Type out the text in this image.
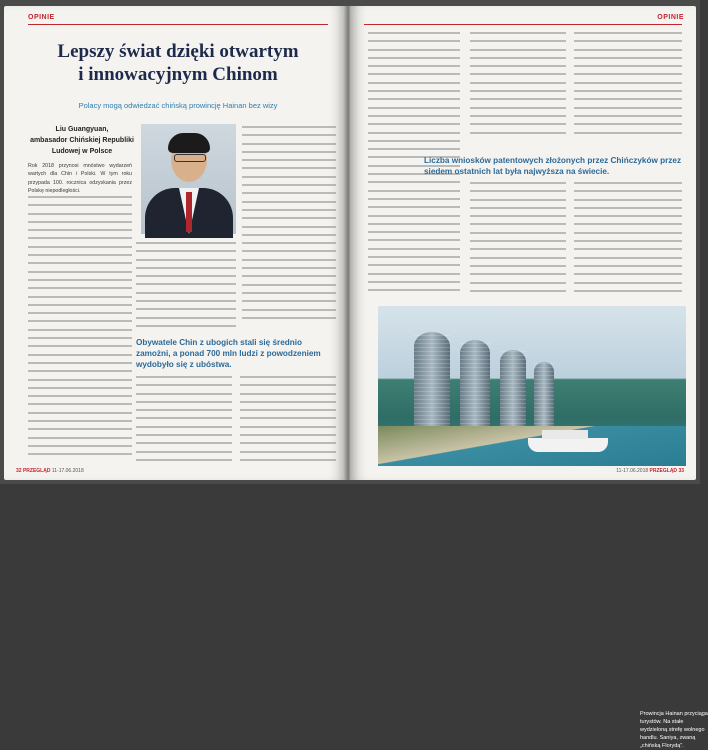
OPINIE
Lepszy świat dzięki otwartym
i innowacyjnym Chinom
Polacy mogą odwiedzać chińską prowincję Hainan bez wizy
Liu Guangyuan,
ambasador Chińskiej Republiki
Ludowej w Polsce
Rok 2018 przynosi mnóstwo wydarzeń wartych dla Chin i Polski. W tym roku przypada 100. rocznica odzyskania przez Polskę niepodległości.
Obywatele Chin z ubogich stali się średnio zamożni, a ponad 700 mln ludzi z powodzeniem wydobyło się z ubóstwa.
32 PRZEGLĄD 11-17.06.2018
OPINIE
Liczba wniosków patentowych złożonych przez Chińczyków przez siedem ostatnich lat była najwyższa na świecie.
Prowincja Hainan przyciąga turystów. Na stałe wydzieloną strefę wolnego handlu. Saniya, zwaną „chińską Florydą".
11-17.06.2018 PRZEGLĄD 33
